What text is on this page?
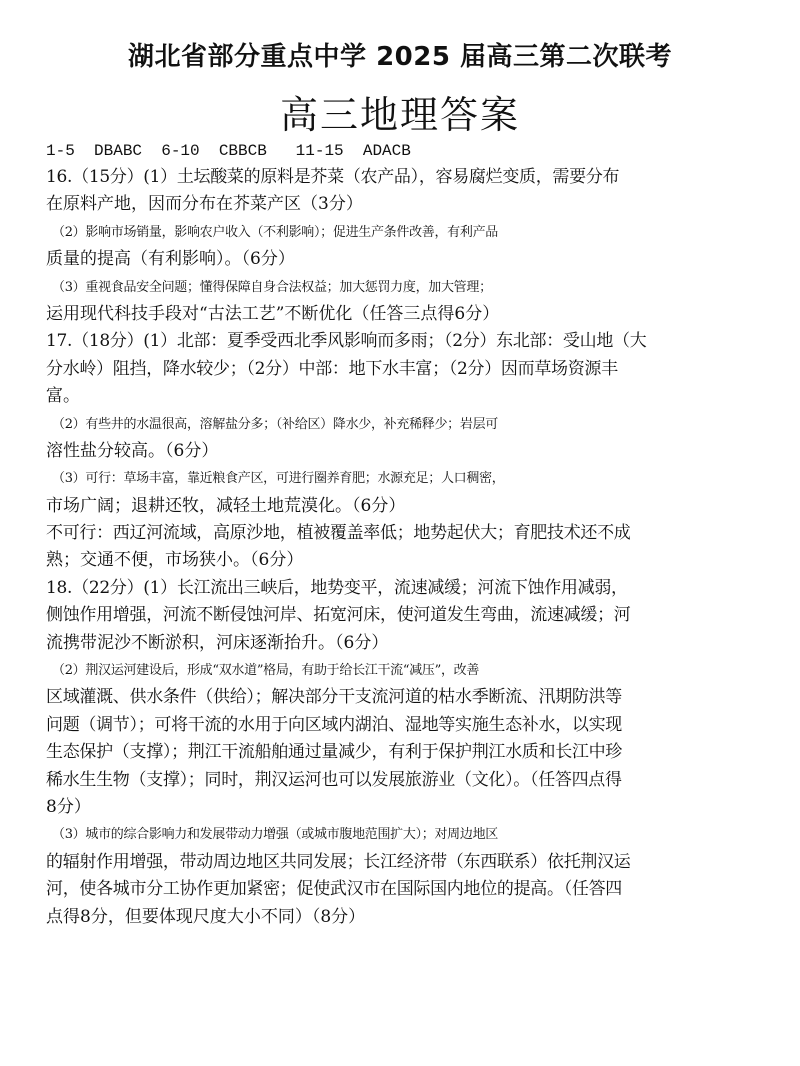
湖北省部分重点中学 2025 届高三第二次联考
高三地理答案
1-5  DBABC  6-10  CBBCB   11-15  ADACB
16.（15分）(1）土坛酸菜的原料是芥菜（农产品），容易腐烂变质，需要分布
在原料产地，因而分布在芥菜产区（3分）
（2）影响市场销量，影响农户收入（不利影响）；促进生产条件改善，有利产品
质量的提高（有利影响）。（6分）
（3）重视食品安全问题；懂得保障自身合法权益；加大惩罚力度，加大管理；
运用现代科技手段对“古法工艺”不断优化（任答三点得6分）
17.（18分）(1）北部：夏季受西北季风影响而多雨；（2分）东北部：受山地（大
分水岭）阻挡，降水较少；（2分）中部：地下水丰富；（2分）因而草场资源丰
富。
（2）有些井的水温很高，溶解盐分多；（补给区）降水少，补充稀释少；岩层可
溶性盐分较高。（6分）
（3）可行：草场丰富，靠近粮食产区，可进行圈养育肥；水源充足；人口稠密，
市场广阔；退耕还牧，减轻土地荒漠化。（6分）
不可行：西辽河流域，高原沙地，植被覆盖率低；地势起伏大；育肥技术还不成
熟；交通不便，市场狭小。（6分）
18.（22分）(1）长江流出三峡后，地势变平，流速减缓；河流下蚀作用减弱，
侧蚀作用增强，河流不断侵蚀河岸、拓宽河床，使河道发生弯曲，流速减缓；河
流携带泥沙不断淤积，河床逐渐抬升。（6分）
（2）荆汉运河建设后，形成“双水道”格局，有助于给长江干流“减压”，改善
区域灌溉、供水条件（供给）；解决部分干支流河道的枯水季断流、汛期防洪等
问题（调节）；可将干流的水用于向区域内湖泊、湿地等实施生态补水，以实现
生态保护（支撑）；荆江干流船舶通过量减少，有利于保护荆江水质和长江中珍
稀水生生物（支撑）；同时，荆汉运河也可以发展旅游业（文化）。（任答四点得
8分）
（3）城市的综合影响力和发展带动力增强（或城市腹地范围扩大）；对周边地区
的辐射作用增强，带动周边地区共同发展；长江经济带（东西联系）依托荆汉运
河，使各城市分工协作更加紧密；促使武汉市在国际国内地位的提高。（任答四
点得8分，但要体现尺度大小不同）（8分）
